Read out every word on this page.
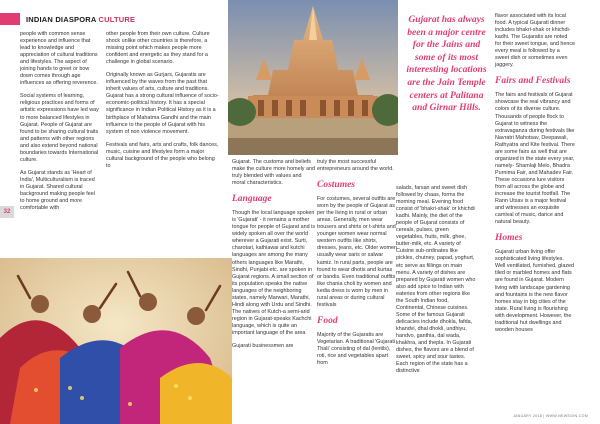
INDIAN DIASPORA CULTURE
32

people with common sense experience and influence that lead to knowledge and appreciation of cultural traditions and lifestyles. The aspect of joining hands to greet or bow down comes through age influences as offering reverence.

Social systems of learning, religious practices and forms of artistic expressions have led way to more balanced lifestyles in Gujarat. People of Gujarat are found to be sharing cultural traits and patterns with other regions and also extend beyond national boundaries towards International culture.

As Gujarat stands as 'Heart of India', Multiculturalism is traced in Gujarat. Shared cultural background making people feel to home ground and more comfortable with

other people from their own culture. Culture shock unlike other countries is therefore, a missing point which makes people more confident and energetic as they stand for a challenge in global scenario.

Originally known as Gurjars, Gujaratis are influenced by the waves from the past that inherit values of arts, culture and traditions. Gujarat has a strong cultural influence of socio-economic-political history. It has a special significance in Indian Political History as it is a birthplace of Mahatma Gandhi and the main influence to the people of Gujarat with his system of non violence movement.

Festivals and fairs, arts and crafts, folk dances, music, cuisine and lifestyles form a major cultural background of the people who belong to

Gujarat. The customs and beliefs make the culture more homely and truly blended with values and moral characteristics.

Language

Though the local language spoken is 'Gujarati' - it remains a mother tongue for people of Gujarat and is widely spoken all over the world wherever a Gujarati exist. Surti, charotari, kathiawai and kutchi languages are among the many others languages like Marathi, Sindhi, Punjabi etc. are spoken in Gujarat regions. A small section of its population speaks the native languages of the neighboring states, namely Marwari, Marathi, Hindi along with Urdu and Sindhi. The natives of Kutch-a semi-arid region in Gujarat-speaks Kachchi language, which is quite an important language of the area

Gujarati businessmen are

truly the most successful entrepreneurs around the world.

Costumes

For costumes, several outfits are worn by the people of Gujarat as per the living in rural or urban areas. Generally, men wear trousers and shirts or t-shirts and younger women wear normal western outfits like shirts, dresses, jeans, etc. Older women usually wear saris or salwar kamiz. In rural parts, people are found to wear dhotis and kurtas or bandis. Even traditional outfits like chania choli by women and kedia dress is worn by men in rural areas or during cultural festivals

Food

Majority of the Gujaratis are Vegetarian. A traditional 'Gujarati Thali' consisting of dal (lentils), roti, rice and vegetables apart from

Gujarat has always been a major centre for the Jains and some of its most interesting locations are the Jain Temple centers at Palitana and Girnar Hills.

salads, farsan and sweet dish followed by chaas, forms the morning meal. Evening food consist of 'bhakri-shak' or khichdi kadhi. Mainly, the diet of the people of Gujarat consists of cereals, pulses, green vegetables, fruits, milk, ghee, butter-milk, etc. A variety of Cuisine sub-ordinates like pickles, chutney, papad, yoghurt, etc serve as fillings on main menu. A variety of dishes are prepared by Gujarati women who also add spice to Indian with eateries from other regions like the South Indian food, Continental, Chinese cuisines. Some of the famous Gujarati delicacies include dhokla, fafda, khandvi, dhal dhokli, undhiyu, handvo, ganthia, dal wada, khakhra, and thepla. In Gujarati dishes, the flavors are a blend of sweet, spicy and sour tastes. Each region of the state has a distinctive

flavor associated with its local food. A typical Gujarati dinner includes bhakri-shak or khichdi-kadhi. The Gujaratis are noted for their sweet tongue, and hence every meal is followed by a sweet dish or sometimes even jaggery.

Fairs and Festivals

The fairs and festivals of Gujarat showcase the real vibrancy and colors of its diverse culture. Thousands of people flock to Gujarat to witness the extravaganza during festivals like Navratri Mahotsav, Deepawali, Rathyatra and Kite festival. There are some fairs as well that are organized in the state every year, namely- Shamlaji Melo, Bhadra Purnima Fair, and Mahadev Fair. These occasions lure visitors from all across the globe and increase the tourist footfall. The Rann Utsav is a major festival and witnesses an exquisite carnival of music, dance and natural beauty.

Homes

Gujarati urban living offer sophisticated living lifestyles. Well ventilated, furnished, glazed tiled or marbled homes and flats are found in Gujarat. Modern living with landscape gardening and fountains is the new flavor homes stay in big cities of the state. Rural living is flourishing with development. However, the traditional hut dwellings and wooden houses

JANUARY 2018 | WWW.NEWSOIN.COM
